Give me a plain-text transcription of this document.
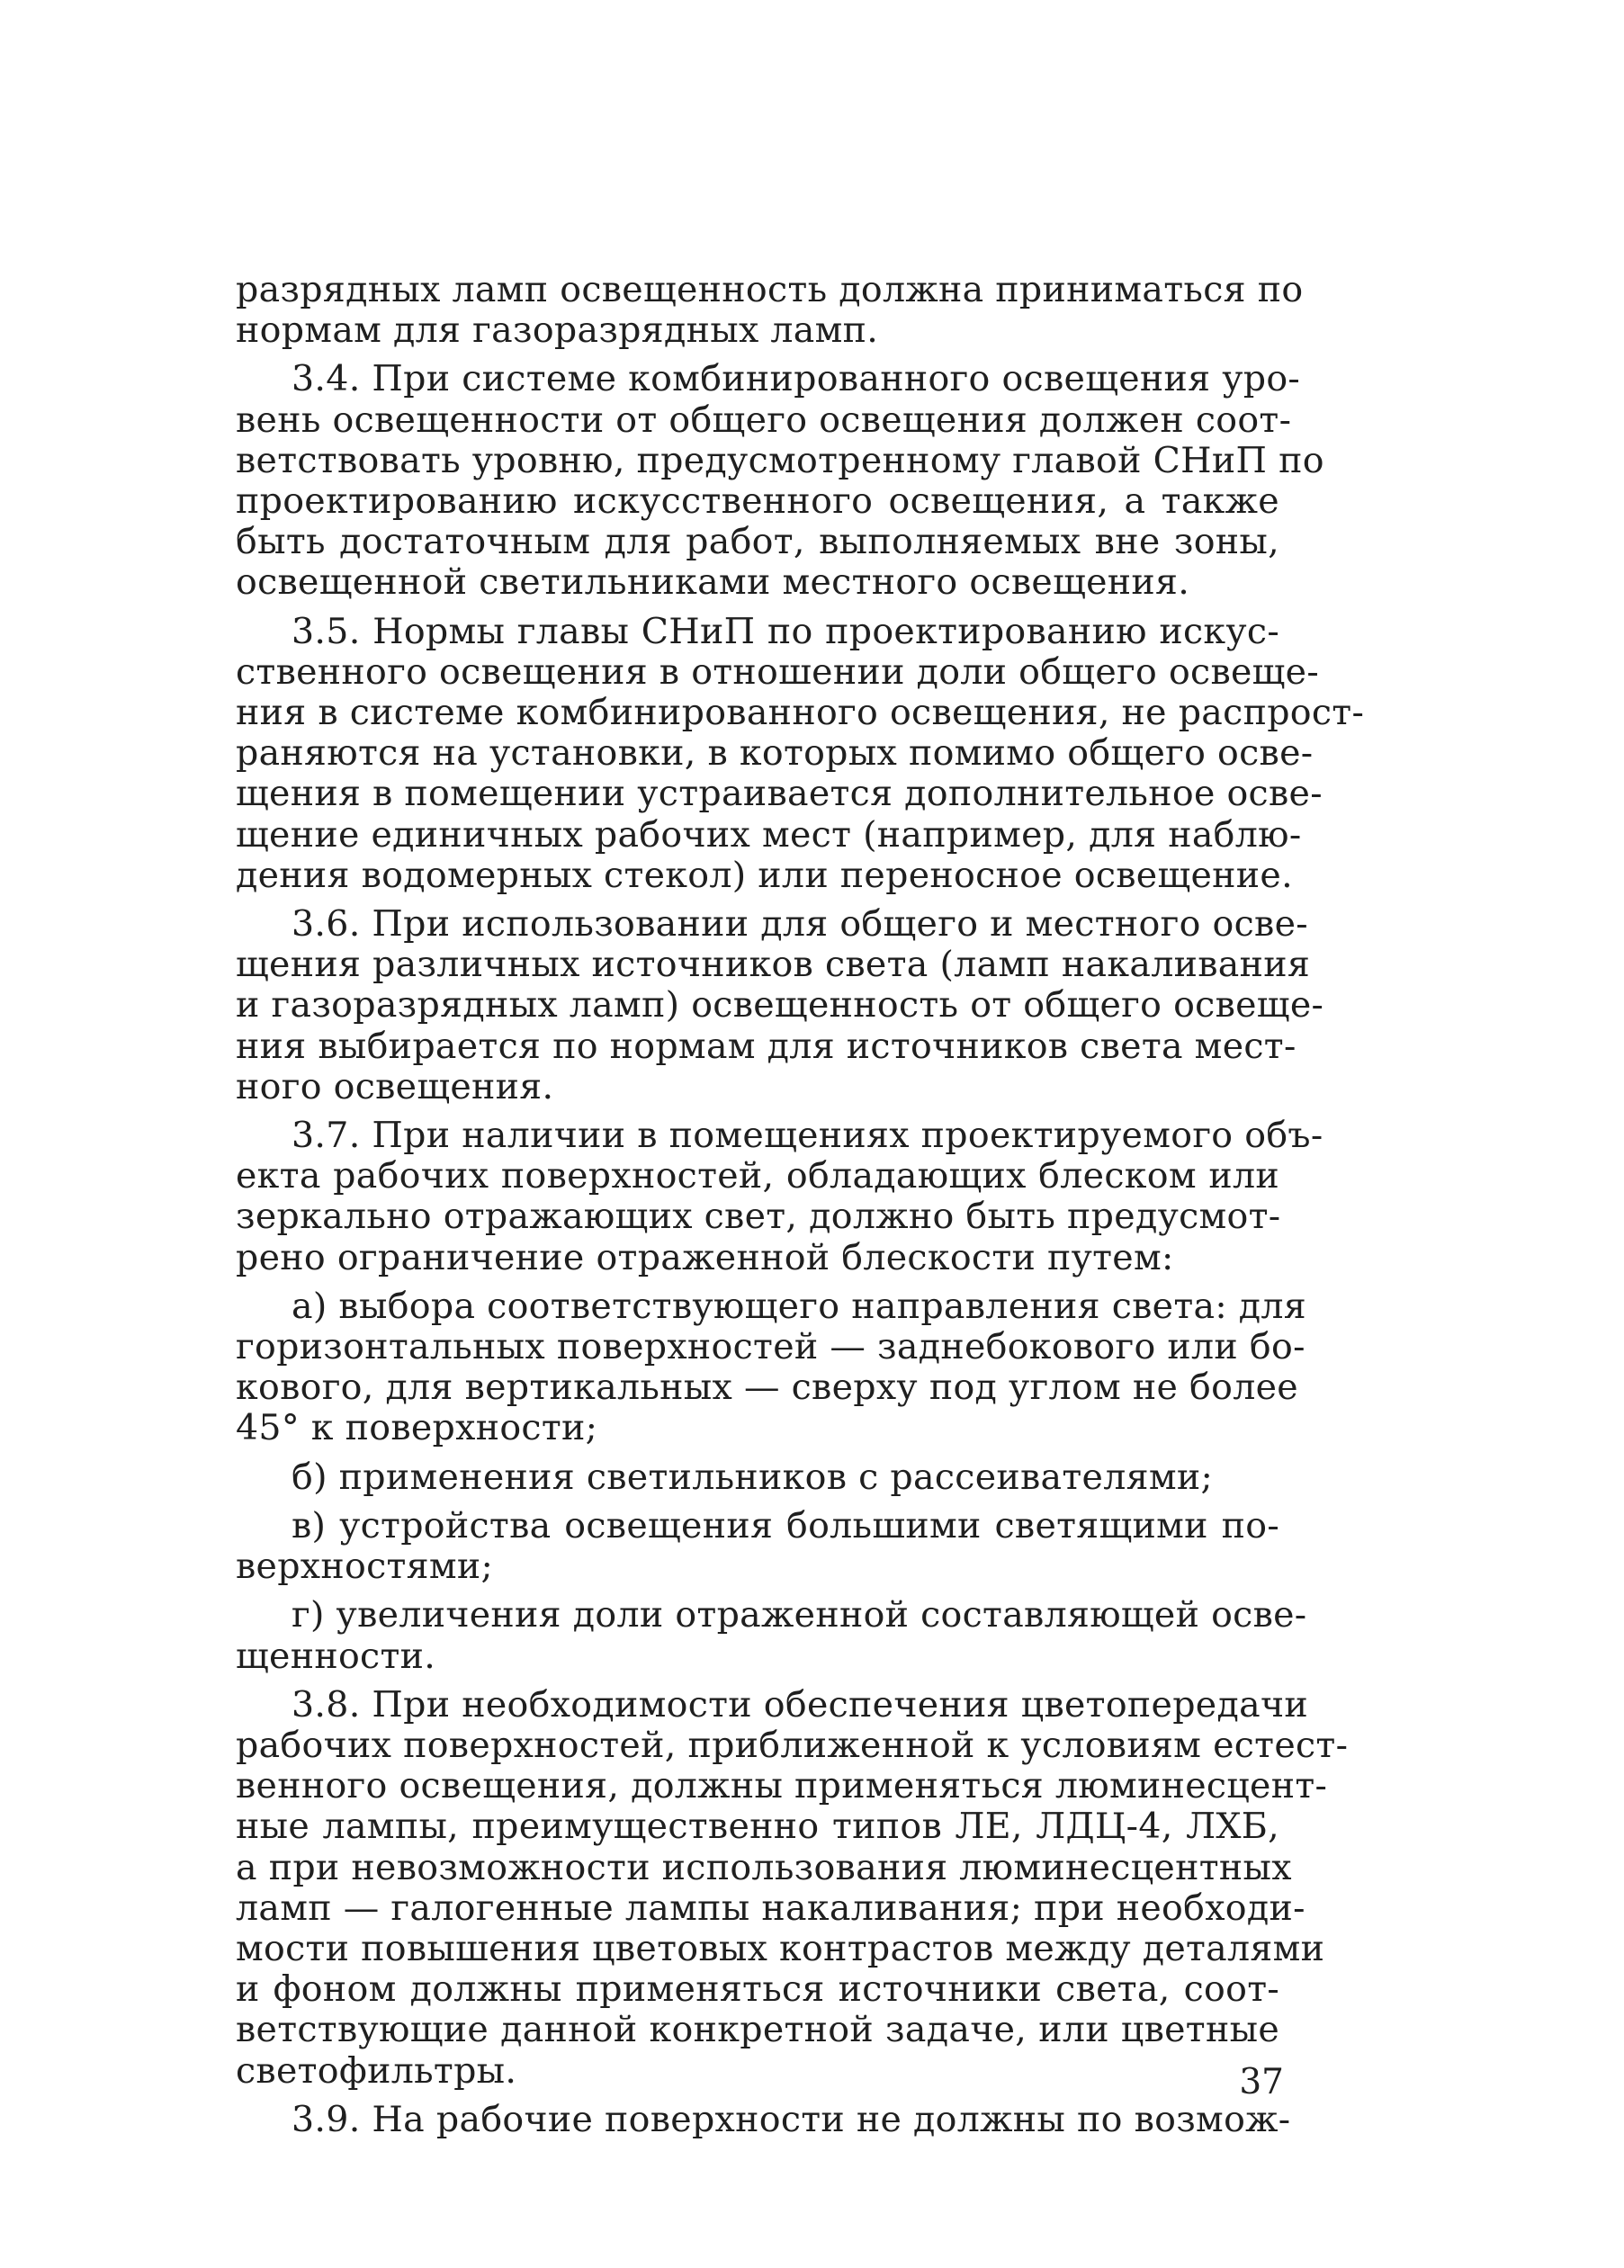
разрядных ламп освещенность должна приниматься по
нормам для газоразрядных ламп.
3.4. При системе комбинированного освещения уро-
вень освещенности от общего освещения должен соот-
ветствовать уровню, предусмотренному главой СНиП по
проектированию искусственного освещения, а также
быть достаточным для работ, выполняемых вне зоны,
освещенной светильниками местного освещения.
3.5. Нормы главы СНиП по проектированию искус-
ственного освещения в отношении доли общего освеще-
ния в системе комбинированного освещения, не распрост-
раняются на установки, в которых помимо общего осве-
щения в помещении устраивается дополнительное осве-
щение единичных рабочих мест (например, для наблю-
дения водомерных стекол) или переносное освещение.
3.6. При использовании для общего и местного осве-
щения различных источников света (ламп накаливания
и газоразрядных ламп) освещенность от общего освеще-
ния выбирается по нормам для источников света мест-
ного освещения.
3.7. При наличии в помещениях проектируемого объ-
екта рабочих поверхностей, обладающих блеском или
зеркально отражающих свет, должно быть предусмот-
рено ограничение отраженной блескости путем:
а) выбора соответствующего направления света: для
горизонтальных поверхностей — заднебокового или бо-
кового, для вертикальных — сверху под углом не более
45° к поверхности;
б) применения светильников с рассеивателями;
в) устройства освещения большими светящими по-
верхностями;
г) увеличения доли отраженной составляющей осве-
щенности.
3.8. При необходимости обеспечения цветопередачи
рабочих поверхностей, приближенной к условиям естест-
венного освещения, должны применяться люминесцент-
ные лампы, преимущественно типов ЛЕ, ЛДЦ-4, ЛХБ,
а при невозможности использования люминесцентных
ламп — галогенные лампы накаливания; при необходи-
мости повышения цветовых контрастов между деталями
и фоном должны применяться источники света, соот-
ветствующие данной конкретной задаче, или цветные
светофильтры.
3.9. На рабочие поверхности не должны по возмож-
37
